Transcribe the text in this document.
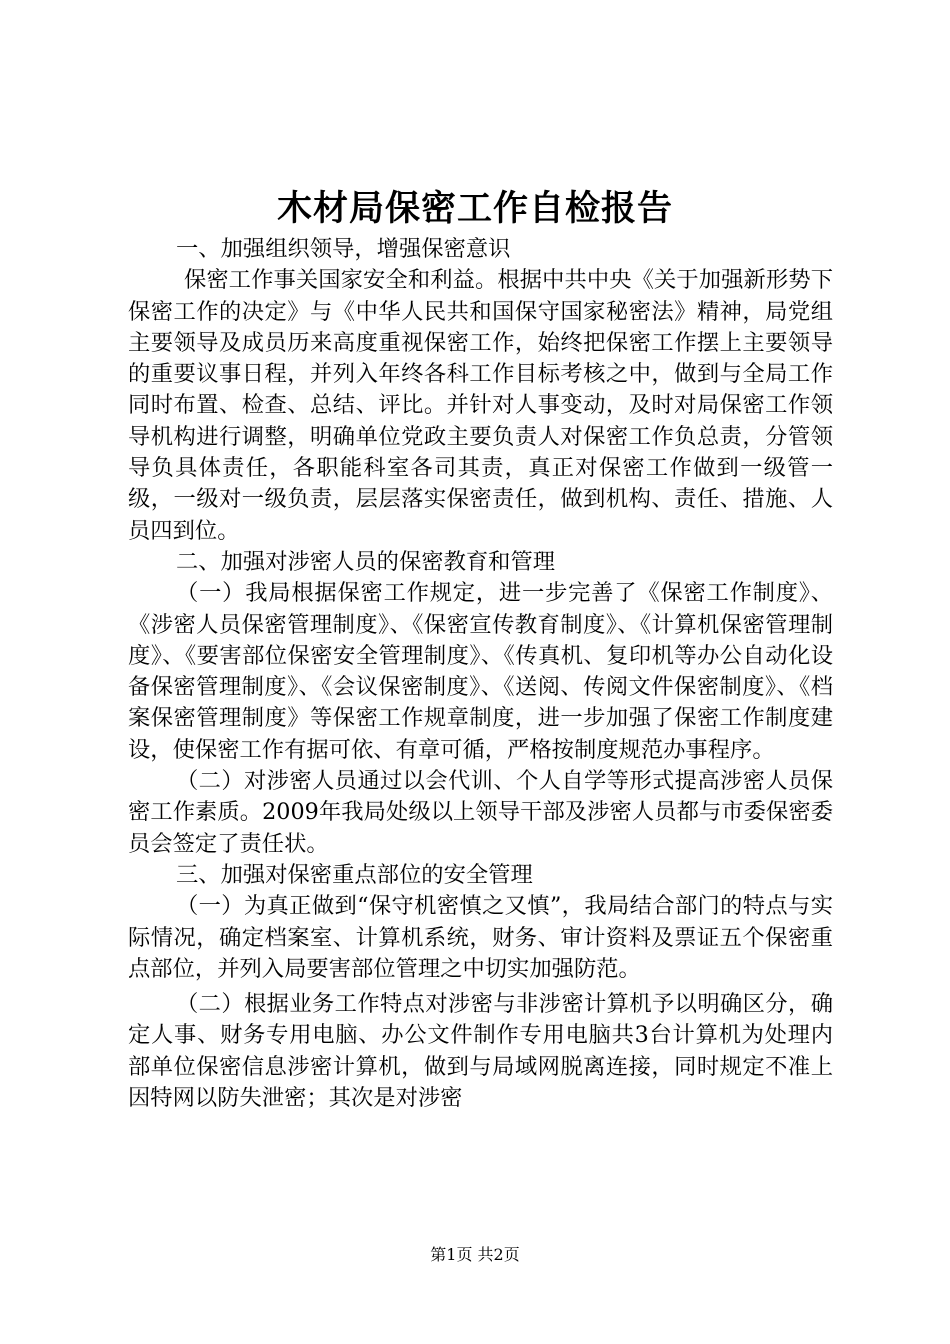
木材局保密工作自检报告

一、加强组织领导，增强保密意识

保密工作事关国家安全和利益。根据中共中央《关于加强新形势下保密工作的决定》与《中华人民共和国保守国家秘密法》精神，局党组主要领导及成员历来高度重视保密工作，始终把保密工作摆上主要领导的重要议事日程，并列入年终各科工作目标考核之中，做到与全局工作同时布置、检查、总结、评比。并针对人事变动，及时对局保密工作领导机构进行调整，明确单位党政主要负责人对保密工作负总责，分管领导负具体责任，各职能科室各司其责，真正对保密工作做到一级管一级，一级对一级负责，层层落实保密责任，做到机构、责任、措施、人员四到位。

二、加强对涉密人员的保密教育和管理

（一）我局根据保密工作规定，进一步完善了《保密工作制度》、《涉密人员保密管理制度》、《保密宣传教育制度》、《计算机保密管理制度》、《要害部位保密安全管理制度》、《传真机、复印机等办公自动化设备保密管理制度》、《会议保密制度》、《送阅、传阅文件保密制度》、《档案保密管理制度》等保密工作规章制度，进一步加强了保密工作制度建设，使保密工作有据可依、有章可循，严格按制度规范办事程序。

（二）对涉密人员通过以会代训、个人自学等形式提高涉密人员保密工作素质。2009年我局处级以上领导干部及涉密人员都与市委保密委员会签定了责任状。

三、加强对保密重点部位的安全管理

（一）为真正做到“保守机密慎之又慎”，我局结合部门的特点与实际情况，确定档案室、计算机系统，财务、审计资料及票证五个保密重点部位，并列入局要害部位管理之中切实加强防范。

（二）根据业务工作特点对涉密与非涉密计算机予以明确区分，确定人事、财务专用电脑、办公文件制作专用电脑共3台计算机为处理内部单位保密信息涉密计算机，做到与局域网脱离连接，同时规定不准上因特网以防失泄密；其次是对涉密

第1页 共2页
